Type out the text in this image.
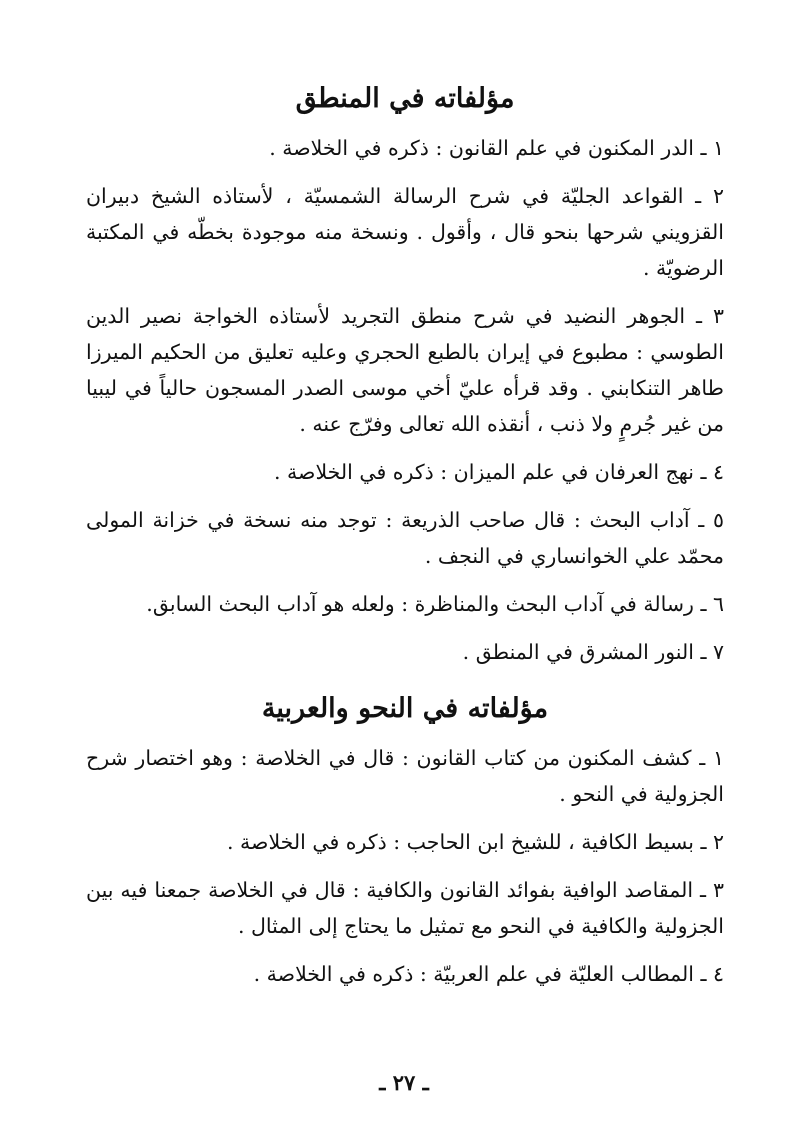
مؤلفاته في المنطق
١ ـ الدر المكنون في علم القانون : ذكره في الخلاصة .
٢ ـ القواعد الجليّة في شرح الرسالة الشمسيّة ، لأستاذه الشيخ دبيران القزويني شرحها بنحو قال ، وأقول . ونسخة منه موجودة بخطّه في المكتبة الرضويّة .
٣ ـ الجوهر النضيد في شرح منطق التجريد لأستاذه الخواجة نصير الدين الطوسي : مطبوع في إيران بالطبع الحجري وعليه تعليق من الحكيم الميرزا طاهر التنكابني . وقد قرأه عليّ أخي موسى الصدر المسجون حالياً في ليبيا من غير جُرمٍ ولا ذنب ، أنقذه الله تعالى وفرّج عنه .
٤ ـ نهج العرفان في علم الميزان : ذكره في الخلاصة .
٥ ـ آداب البحث : قال صاحب الذريعة : توجد منه نسخة في خزانة المولى محمّد علي الخوانساري في النجف .
٦ ـ رسالة في آداب البحث والمناظرة : ولعله هو آداب البحث السابق.
٧ ـ النور المشرق في المنطق .
مؤلفاته في النحو والعربية
١ ـ كشف المكنون من كتاب القانون : قال في الخلاصة : وهو اختصار شرح الجزولية في النحو .
٢ ـ بسيط الكافية ، للشيخ ابن الحاجب : ذكره في الخلاصة .
٣ ـ المقاصد الوافية بفوائد القانون والكافية : قال في الخلاصة جمعنا فيه بين الجزولية والكافية في النحو مع تمثيل ما يحتاج إلى المثال .
٤ ـ المطالب العليّة في علم العربيّة : ذكره في الخلاصة .
ـ ٢٧ ـ
